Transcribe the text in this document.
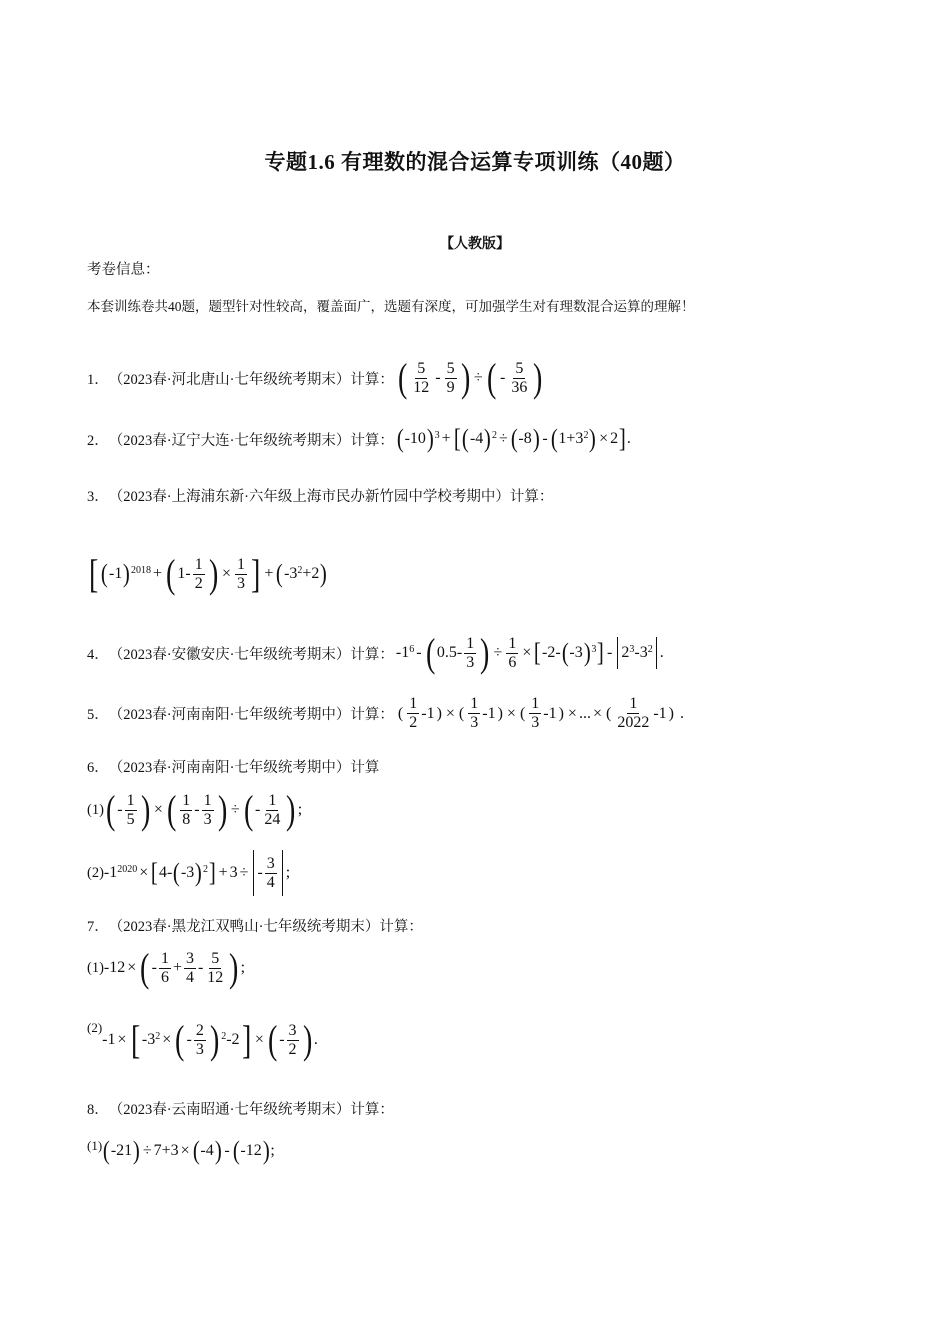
专题1.6 有理数的混合运算专项训练（40题）
【人教版】
考卷信息：
本套训练卷共40题，题型针对性较高，覆盖面广，选题有深度，可加强学生对有理数混合运算的理解！
1． （2023春·河北唐山·七年级统考期末）计算： ( $\frac{5}{12} - \frac{5}{9}$ ) ÷ ( - $\frac{5}{36}$ )
2． （2023春·辽宁大连·七年级统考期末）计算： ( -10 ) 3 + [ ( -4 ) 2 ÷ ( -8 ) - ( 1+3 2 ) × 2 ] .
3． （2023春·上海浦东新·六年级上海市民办新竹园中学校考期中）计算：
[ ( -1 ) 2018 + ( $1- \frac{1}{2}$ ) × $\frac{1}{3}$ ] + ( -3 2 +2 )
4． （2023春·安徽安庆·七年级统考期末）计算： -1 6 - ( $0.5- \frac{1}{3}$ ) ÷ $\frac{1}{6}$ × [ -2- ( -3 ) 3 ] - 2 3 -3 2 .
5． （2023春·河南南阳·七年级统考期中）计算： ( $\frac{1}{2} -1$ ) × ( $\frac{1}{3} -1$ ) × ( $\frac{1}{3} -1$ ) × ... × ( $\frac{1}{2022} -1$ ) .
6． （2023春·河南南阳·七年级统考期中）计算
(1) ( - $\frac{1}{5}$ ) × ( $\frac{1}{8} - \frac{1}{3}$ ) ÷ ( - $\frac{1}{24}$ ) ;
(2) -1 2020 × [ 4- ( -3 ) 2 ] + 3 ÷ - $\frac{3}{4}$ ;
7． （2023春·黑龙江双鸭山·七年级统考期末）计算：
(1) -12 × ( - $\frac{1}{6} + \frac{3}{4} - \frac{5}{12}$ ) ;
(2)
-1 × [ -3 2 × ( - $\frac{2}{3}$ ) 2 -2 ] × ( - $\frac{3}{2}$ ) .
8． （2023春·云南昭通·七年级统考期末）计算：
(1) ( -21 ) ÷ 7+3 × ( -4 ) - ( -12 ) ;
